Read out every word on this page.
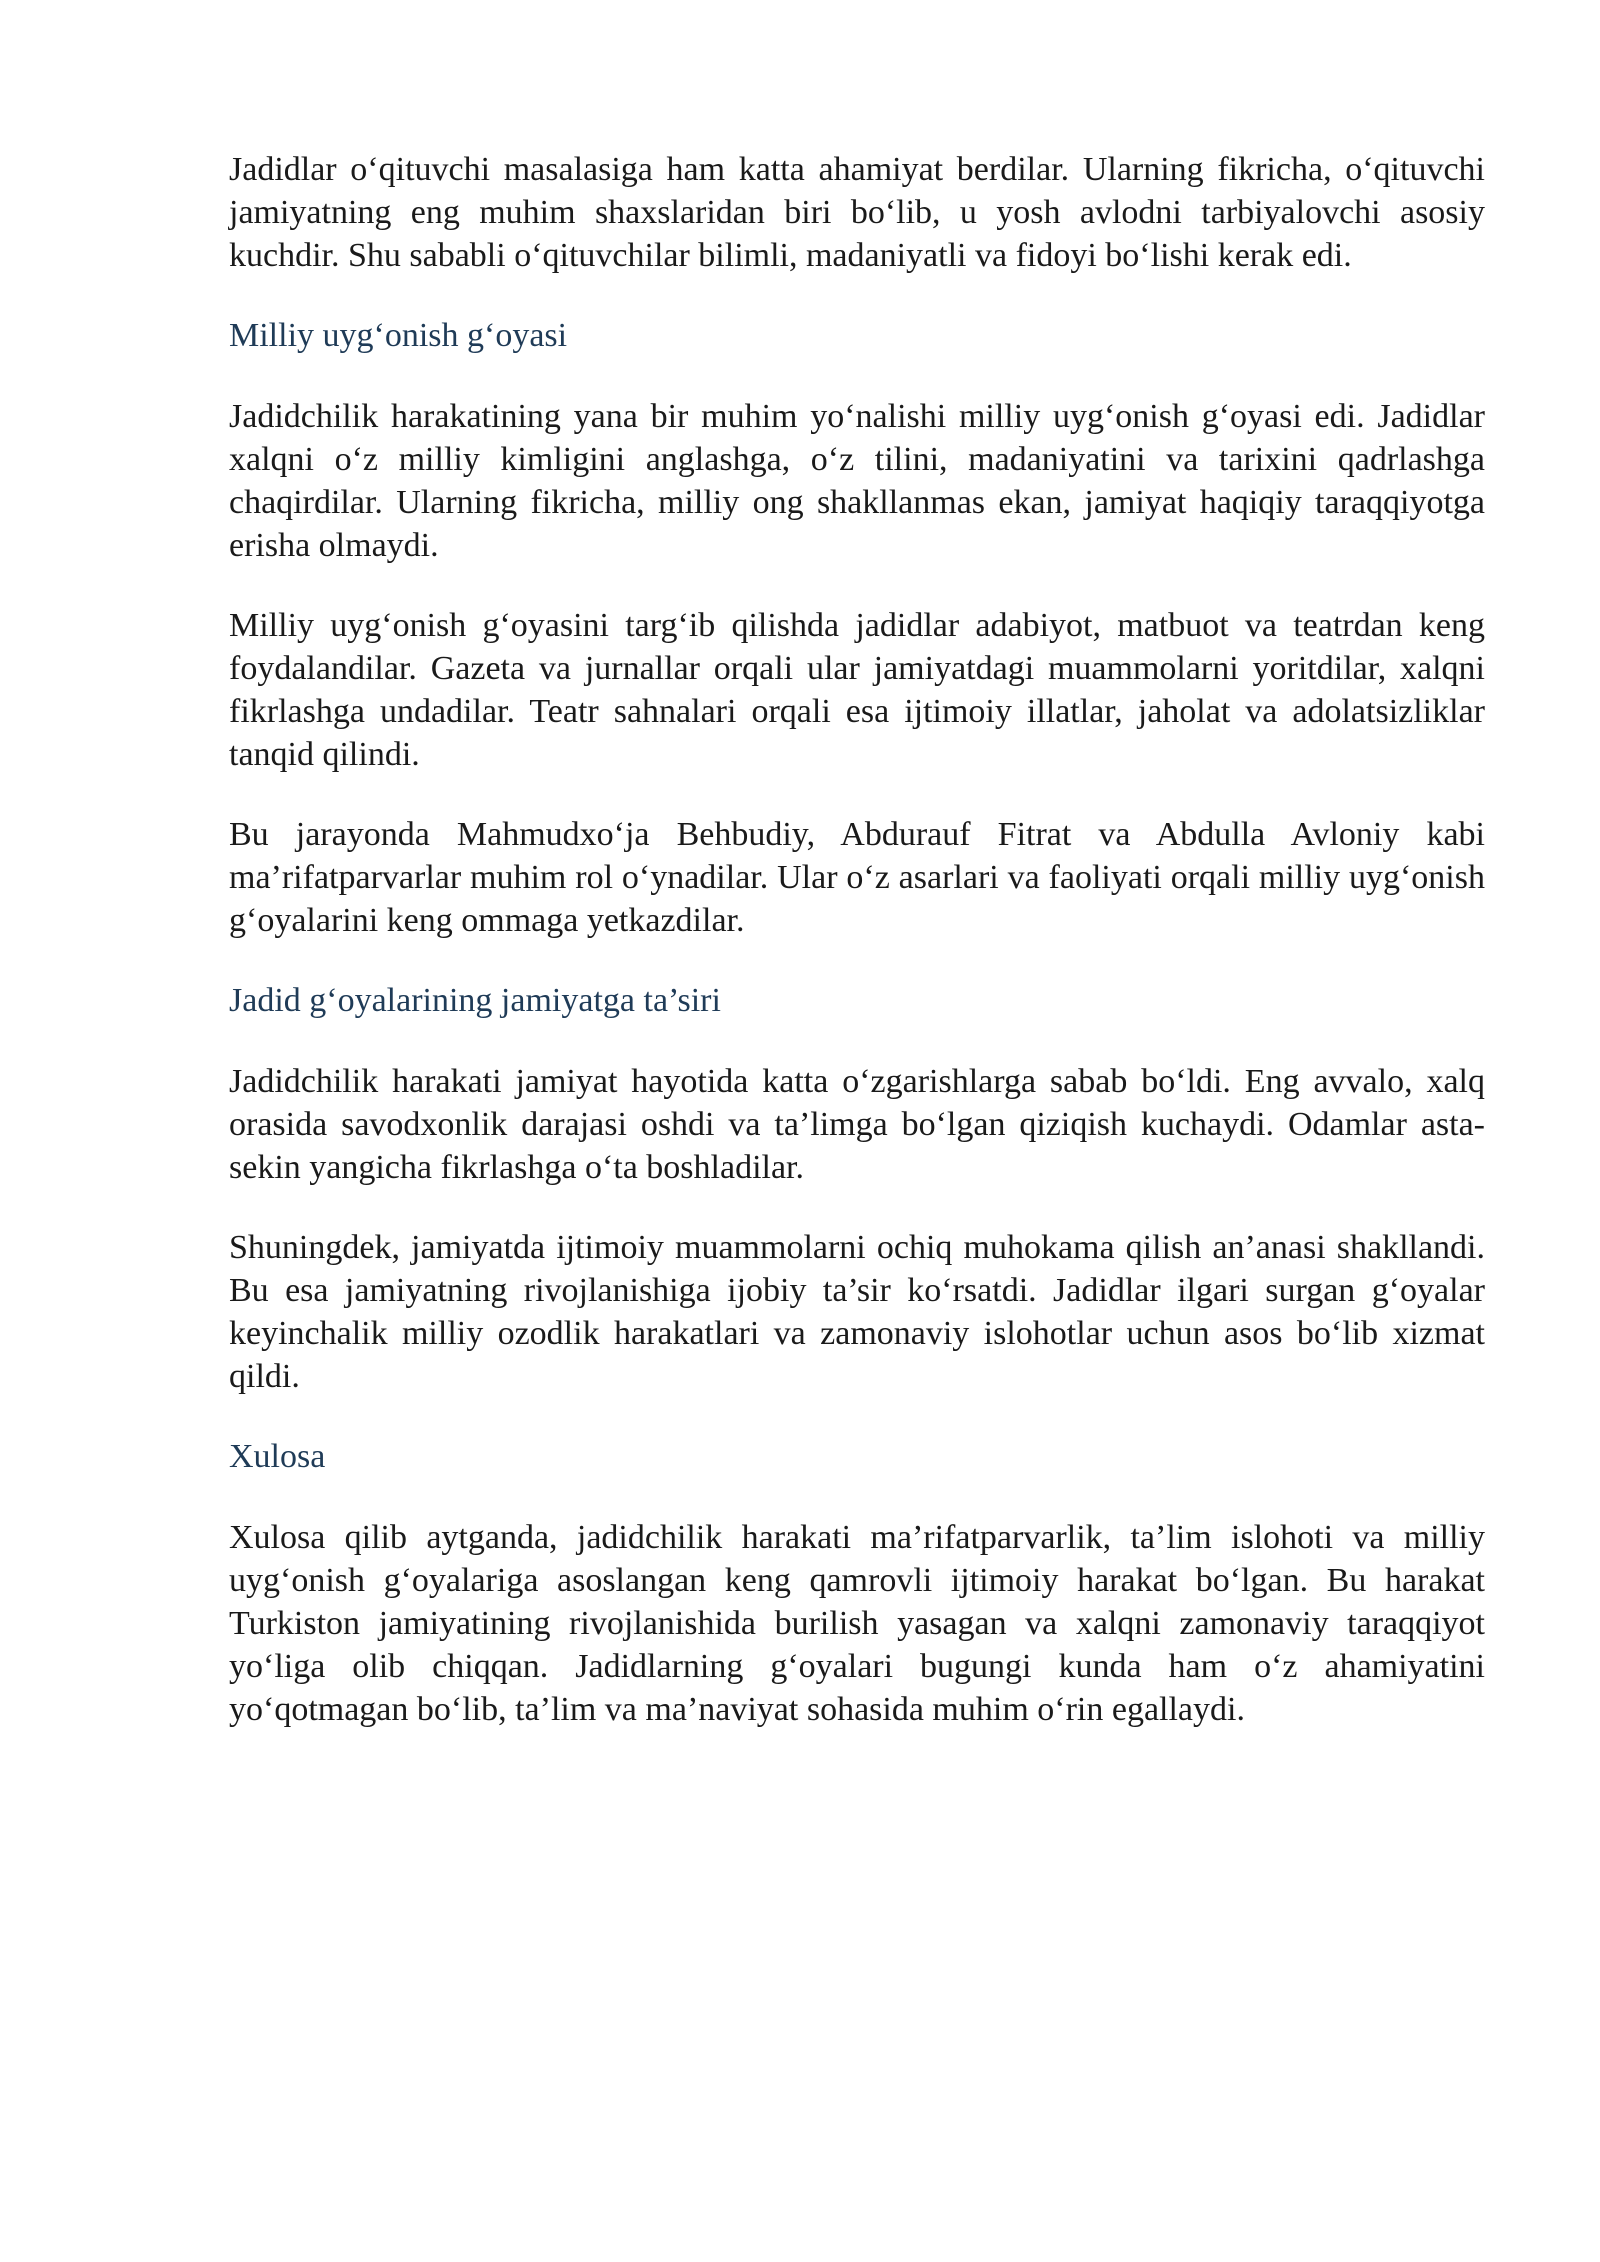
Jadidlar o‘qituvchi masalasiga ham katta ahamiyat berdilar. Ularning fikricha, o‘qituvchi jamiyatning eng muhim shaxslaridan biri bo‘lib, u yosh avlodni tarbiyalovchi asosiy kuchdir. Shu sababli o‘qituvchilar bilimli, madaniyatli va fidoyi bo‘lishi kerak edi.

Milliy uyg‘onish g‘oyasi

Jadidchilik harakatining yana bir muhim yo‘nalishi milliy uyg‘onish g‘oyasi edi. Jadidlar xalqni o‘z milliy kimligini anglashga, o‘z tilini, madaniyatini va tarixini qadrlashga chaqirdilar. Ularning fikricha, milliy ong shakllanmas ekan, jamiyat haqiqiy taraqqiyotga erisha olmaydi.

Milliy uyg‘onish g‘oyasini targ‘ib qilishda jadidlar adabiyot, matbuot va teatrdan keng foydalandilar. Gazeta va jurnallar orqali ular jamiyatdagi muammolarni yoritdilar, xalqni fikrlashga undadilar. Teatr sahnalari orqali esa ijtimoiy illatlar, jaholat va adolatsizliklar tanqid qilindi.

Bu jarayonda Mahmudxo‘ja Behbudiy, Abdurauf Fitrat va Abdulla Avloniy kabi ma’rifatparvarlar muhim rol o‘ynadilar. Ular o‘z asarlari va faoliyati orqali milliy uyg‘onish g‘oyalarini keng ommaga yetkazdilar.

Jadid g‘oyalarining jamiyatga ta’siri

Jadidchilik harakati jamiyat hayotida katta o‘zgarishlarga sabab bo‘ldi. Eng avvalo, xalq orasida savodxonlik darajasi oshdi va ta’limga bo‘lgan qiziqish kuchaydi. Odamlar asta-sekin yangicha fikrlashga o‘ta boshladilar.

Shuningdek, jamiyatda ijtimoiy muammolarni ochiq muhokama qilish an’anasi shakllandi. Bu esa jamiyatning rivojlanishiga ijobiy ta’sir ko‘rsatdi. Jadidlar ilgari surgan g‘oyalar keyinchalik milliy ozodlik harakatlari va zamonaviy islohotlar uchun asos bo‘lib xizmat qildi.

Xulosa

Xulosa qilib aytganda, jadidchilik harakati ma’rifatparvarlik, ta’lim islohoti va milliy uyg‘onish g‘oyalariga asoslangan keng qamrovli ijtimoiy harakat bo‘lgan. Bu harakat Turkiston jamiyatining rivojlanishida burilish yasagan va xalqni zamonaviy taraqqiyot yo‘liga olib chiqqan. Jadidlarning g‘oyalari bugungi kunda ham o‘z ahamiyatini yo‘qotmagan bo‘lib, ta’lim va ma’naviyat sohasida muhim o‘rin egallaydi.
